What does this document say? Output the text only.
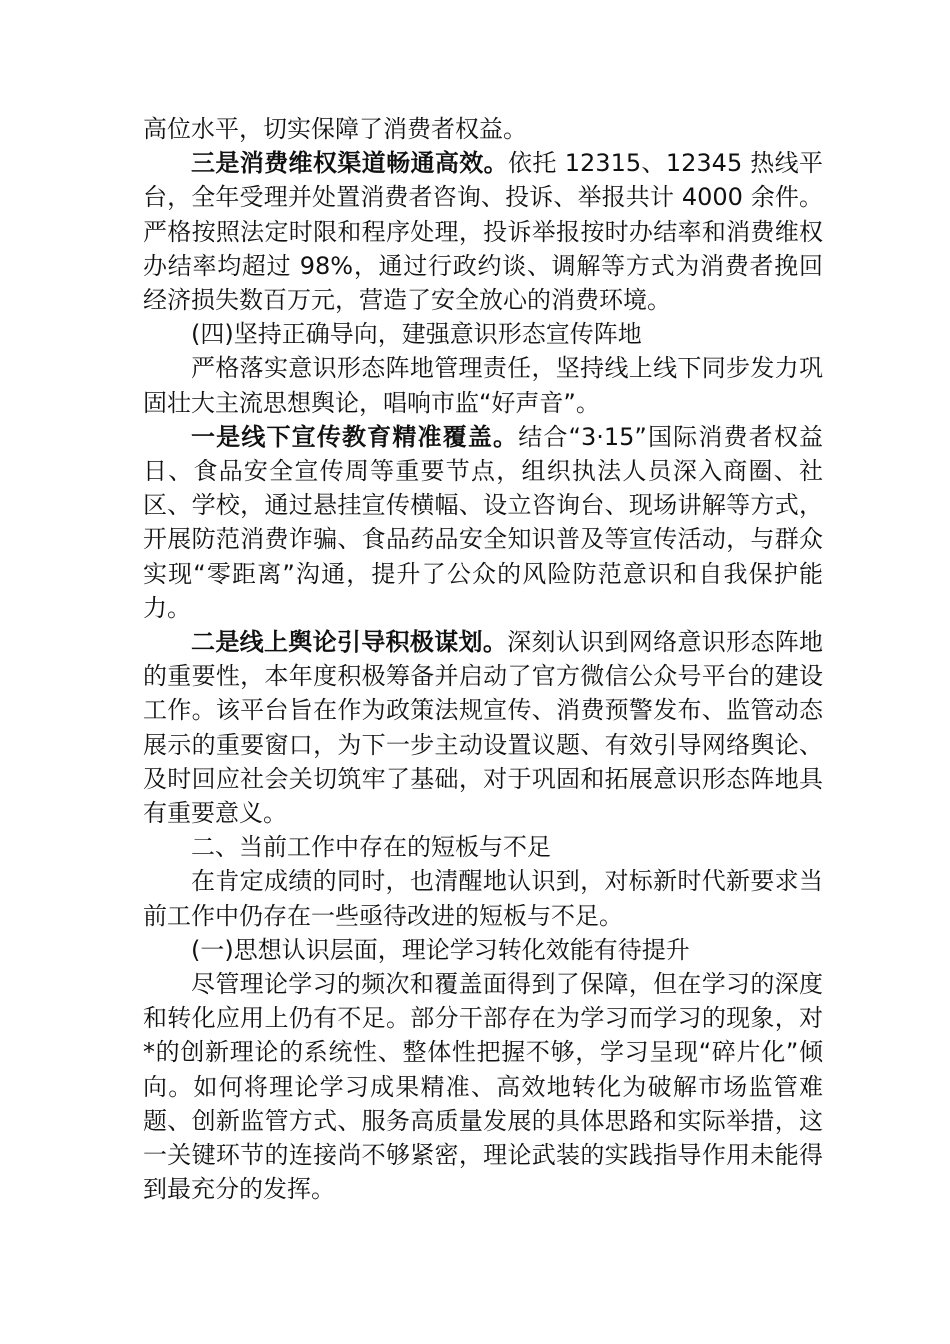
高位水平，切实保障了消费者权益。

三是消费维权渠道畅通高效。依托 12315、12345 热线平台，全年受理并处置消费者咨询、投诉、举报共计 4000 余件。严格按照法定时限和程序处理，投诉举报按时办结率和消费维权办结率均超过 98%，通过行政约谈、调解等方式为消费者挽回经济损失数百万元，营造了安全放心的消费环境。

(四)坚持正确导向，建强意识形态宣传阵地

严格落实意识形态阵地管理责任，坚持线上线下同步发力巩固壮大主流思想舆论，唱响市监“好声音”。

一是线下宣传教育精准覆盖。结合“3·15”国际消费者权益日、食品安全宣传周等重要节点，组织执法人员深入商圈、社区、学校，通过悬挂宣传横幅、设立咨询台、现场讲解等方式，开展防范消费诈骗、食品药品安全知识普及等宣传活动，与群众实现“零距离”沟通，提升了公众的风险防范意识和自我保护能力。

二是线上舆论引导积极谋划。深刻认识到网络意识形态阵地的重要性，本年度积极筹备并启动了官方微信公众号平台的建设工作。该平台旨在作为政策法规宣传、消费预警发布、监管动态展示的重要窗口，为下一步主动设置议题、有效引导网络舆论、及时回应社会关切筑牢了基础，对于巩固和拓展意识形态阵地具有重要意义。

二、当前工作中存在的短板与不足

在肯定成绩的同时，也清醒地认识到，对标新时代新要求当前工作中仍存在一些亟待改进的短板与不足。

(一)思想认识层面，理论学习转化效能有待提升

尽管理论学习的频次和覆盖面得到了保障，但在学习的深度和转化应用上仍有不足。部分干部存在为学习而学习的现象，对*的创新理论的系统性、整体性把握不够，学习呈现“碎片化”倾向。如何将理论学习成果精准、高效地转化为破解市场监管难题、创新监管方式、服务高质量发展的具体思路和实际举措，这一关键环节的连接尚不够紧密，理论武装的实践指导作用未能得到最充分的发挥。
